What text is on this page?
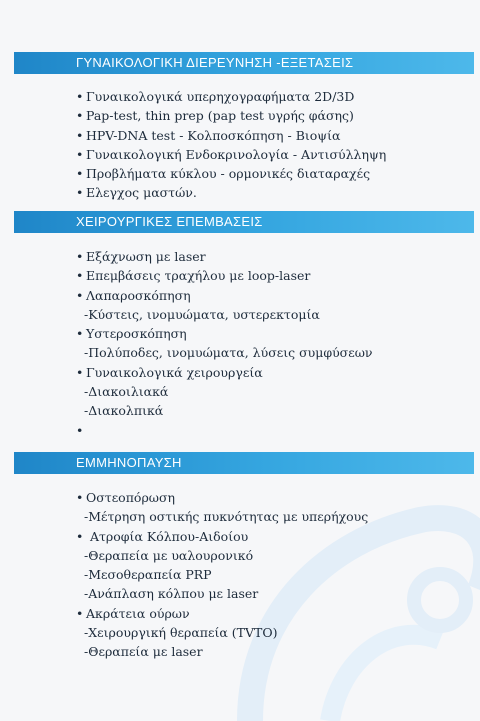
ΓΥΝΑΙΚΟΛΟΓΙΚΗ ΔΙΕΡΕΥΝΗΣΗ -ΕΞΕΤΑΣΕΙΣ
• Γυναικολογικά υπερηχογραφήματα 2D/3D
• Pap-test, thin prep (pap test υγρής φάσης)
• HPV-DNA test - Κολποσκόπηση - Βιοψία
• Γυναικολογική Ενδοκρινολογία - Αντισύλληψη
• Προβλήματα κύκλου - ορμονικές διαταραχές
• Ελεγχος μαστών.
ΧΕΙΡΟΥΡΓΙΚΕΣ ΕΠΕΜΒΑΣΕΙΣ
• Εξάχνωση με laser
• Επεμβάσεις τραχήλου με loop-laser
• Λαπαροσκόπηση
-Κύστεις, ινομυώματα, υστερεκτομία
• Υστεροσκόπηση
-Πολύποδες, ινομυώματα, λύσεις συμφύσεων
• Γυναικολογικά χειρουργεία
-Διακοιλιακά
-Διακολπικά
•
ΕΜΜΗΝΟΠΑΥΣΗ
• Οστεοπόρωση
-Μέτρηση οστικής πυκνότητας με υπερήχους
• Ατροφία Κόλπου-Αιδοίου
-Θεραπεία με υαλουρονικό
-Μεσοθεραπεία PRP
-Ανάπλαση κόλπου με laser
• Ακράτεια ούρων
-Χειρουργική θεραπεία (TVTO)
-Θεραπεία με laser
